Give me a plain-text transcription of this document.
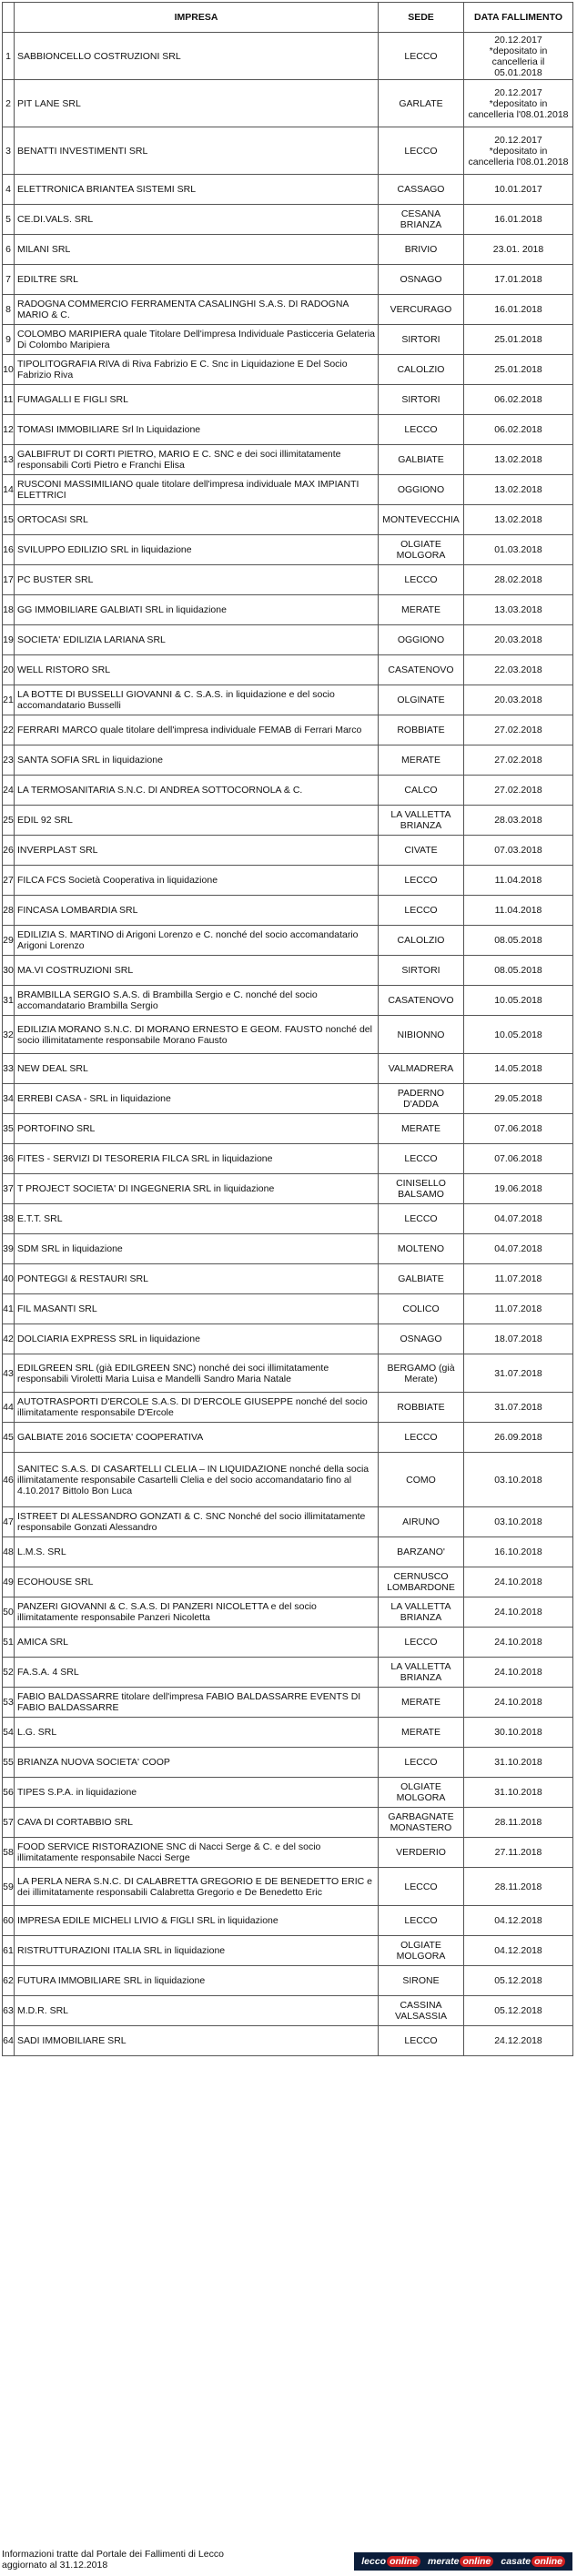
	IMPRESA	SEDE	DATA FALLIMENTO
1	SABBIONCELLO COSTRUZIONI SRL	LECCO	20.12.2017
*depositato in cancelleria il 05.01.2018
2	PIT LANE SRL	GARLATE	20.12.2017
*depositato in cancelleria l'08.01.2018
3	BENATTI INVESTIMENTI SRL	LECCO	20.12.2017
*depositato in cancelleria l'08.01.2018
4	ELETTRONICA BRIANTEA SISTEMI SRL	CASSAGO	10.01.2017
5	CE.DI.VALS. SRL	CESANA BRIANZA	16.01.2018
6	MILANI SRL	BRIVIO	23.01. 2018
7	EDILTRE SRL	OSNAGO	17.01.2018
8	RADOGNA COMMERCIO FERRAMENTA CASALINGHI S.A.S. DI RADOGNA MARIO & C.	VERCURAGO	16.01.2018
9	COLOMBO MARIPIERA quale Titolare Dell'impresa Individuale Pasticceria Gelateria Di Colombo Maripiera	SIRTORI	25.01.2018
10	TIPOLITOGRAFIA RIVA di Riva Fabrizio E C. Snc in Liquidazione E Del Socio Fabrizio Riva	CALOLZIO	25.01.2018
11	FUMAGALLI E FIGLI SRL	SIRTORI	06.02.2018
12	TOMASI IMMOBILIARE Srl In Liquidazione	LECCO	06.02.2018
13	GALBIFRUT DI CORTI PIETRO, MARIO E C. SNC e dei soci illimitatamente responsabili Corti Pietro e Franchi Elisa	GALBIATE	13.02.2018
14	RUSCONI MASSIMILIANO quale titolare dell'impresa individuale MAX IMPIANTI ELETTRICI	OGGIONO	13.02.2018
15	ORTOCASI SRL	MONTEVECCHIA	13.02.2018
16	SVILUPPO EDILIZIO SRL in liquidazione	OLGIATE MOLGORA	01.03.2018
17	PC BUSTER SRL	LECCO	28.02.2018
18	GG IMMOBILIARE GALBIATI SRL in liquidazione	MERATE	13.03.2018
19	SOCIETA' EDILIZIA LARIANA SRL	OGGIONO	20.03.2018
20	WELL RISTORO SRL	CASATENOVO	22.03.2018
21	LA BOTTE DI BUSSELLI GIOVANNI & C. S.A.S. in liquidazione e del socio accomandatario Busselli	OLGINATE	20.03.2018
22	FERRARI MARCO quale titolare dell'impresa individuale FEMAB di Ferrari Marco	ROBBIATE	27.02.2018
23	SANTA SOFIA SRL in liquidazione	MERATE	27.02.2018
24	LA TERMOSANITARIA S.N.C. DI ANDREA SOTTOCORNOLA & C.	CALCO	27.02.2018
25	EDIL 92 SRL	LA VALLETTA BRIANZA	28.03.2018
26	INVERPLAST SRL	CIVATE	07.03.2018
27	FILCA FCS Società Cooperativa in liquidazione	LECCO	11.04.2018
28	FINCASA LOMBARDIA SRL	LECCO	11.04.2018
29	EDILIZIA S. MARTINO di Arigoni Lorenzo e C. nonché del socio accomandatario Arigoni Lorenzo	CALOLZIO	08.05.2018
30	MA.VI COSTRUZIONI SRL	SIRTORI	08.05.2018
31	BRAMBILLA SERGIO S.A.S. di Brambilla Sergio e C. nonché del socio accomandatario Brambilla Sergio	CASATENOVO	10.05.2018
32	EDILIZIA MORANO S.N.C. DI MORANO ERNESTO E GEOM. FAUSTO nonché del socio illimitatamente responsabile Morano Fausto	NIBIONNO	10.05.2018
33	NEW DEAL SRL	VALMADRERA	14.05.2018
34	ERREBI CASA - SRL in liquidazione	PADERNO D'ADDA	29.05.2018
35	PORTOFINO SRL	MERATE	07.06.2018
36	FITES - SERVIZI DI TESORERIA FILCA SRL in liquidazione	LECCO	07.06.2018
37	T PROJECT SOCIETA' DI INGEGNERIA SRL in liquidazione	CINISELLO BALSAMO	19.06.2018
38	E.T.T. SRL	LECCO	04.07.2018
39	SDM SRL in liquidazione	MOLTENO	04.07.2018
40	PONTEGGI & RESTAURI SRL	GALBIATE	11.07.2018
41	FIL MASANTI SRL	COLICO	11.07.2018
42	DOLCIARIA EXPRESS SRL in liquidazione	OSNAGO	18.07.2018
43	EDILGREEN SRL (già EDILGREEN SNC) nonché dei soci illimitatamente responsabili Viroletti Maria Luisa e Mandelli Sandro Maria Natale	BERGAMO (già Merate)	31.07.2018
44	AUTOTRASPORTI D'ERCOLE S.A.S. DI D'ERCOLE GIUSEPPE nonché del socio illimitatamente responsabile D'Ercole	ROBBIATE	31.07.2018
45	GALBIATE 2016 SOCIETA' COOPERATIVA	LECCO	26.09.2018
46	SANITEC S.A.S. DI CASARTELLI CLELIA – IN LIQUIDAZIONE nonché della socia illimitatamente responsabile Casartelli Clelia e del socio accomandatario fino al 4.10.2017 Bittolo Bon Luca	COMO	03.10.2018
47	ISTREET DI ALESSANDRO GONZATI & C. SNC Nonché del socio illimitatamente responsabile Gonzati Alessandro	AIRUNO	03.10.2018
48	L.M.S. SRL	BARZANO'	16.10.2018
49	ECOHOUSE SRL	CERNUSCO LOMBARDONE	24.10.2018
50	PANZERI GIOVANNI & C. S.A.S. DI PANZERI NICOLETTA e del socio illimitatamente responsabile Panzeri Nicoletta	LA VALLETTA BRIANZA	24.10.2018
51	AMICA SRL	LECCO	24.10.2018
52	FA.S.A. 4 SRL	LA VALLETTA BRIANZA	24.10.2018
53	FABIO BALDASSARRE titolare dell'impresa FABIO BALDASSARRE EVENTS DI FABIO BALDASSARRE	MERATE	24.10.2018
54	L.G. SRL	MERATE	30.10.2018
55	BRIANZA NUOVA SOCIETA' COOP	LECCO	31.10.2018
56	TIPES S.P.A. in liquidazione	OLGIATE MOLGORA	31.10.2018
57	CAVA DI CORTABBIO SRL	GARBAGNATE MONASTERO	28.11.2018
58	FOOD SERVICE RISTORAZIONE SNC di Nacci Serge & C. e del socio illimitatamente responsabile Nacci Serge	VERDERIO	27.11.2018
59	LA PERLA NERA S.N.C. DI CALABRETTA GREGORIO E DE BENEDETTO ERIC e dei illimitatamente responsabili Calabretta Gregorio e De Benedetto Eric	LECCO	28.11.2018
60	IMPRESA EDILE MICHELI LIVIO & FIGLI SRL in liquidazione	LECCO	04.12.2018
61	RISTRUTTURAZIONI ITALIA SRL in liquidazione	OLGIATE MOLGORA	04.12.2018
62	FUTURA IMMOBILIARE SRL in liquidazione	SIRONE	05.12.2018
63	M.D.R. SRL	CASSINA VALSASSIA	05.12.2018
64	SADI IMMOBILIARE SRL	LECCO	24.12.2018
Informazioni tratte dal Portale dei Fallimenti di Lecco
aggiornato al 31.12.2018	lecco online merate online casate online
